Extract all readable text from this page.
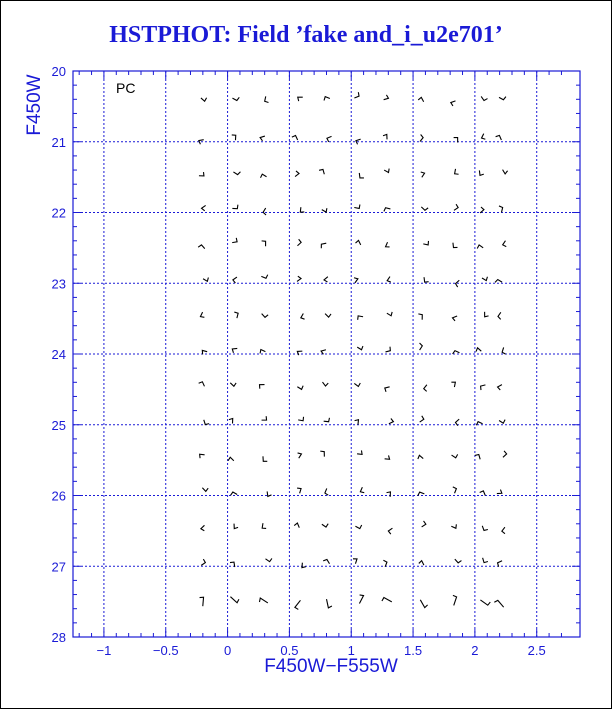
HSTPHOT: Field ’fake and_i_u2e701’
−1	−0.5	0	0.5	1	1.5	2	2.5
20
21
22
23
24
25
26
27
28
PC
F450W−F555W
F450W
